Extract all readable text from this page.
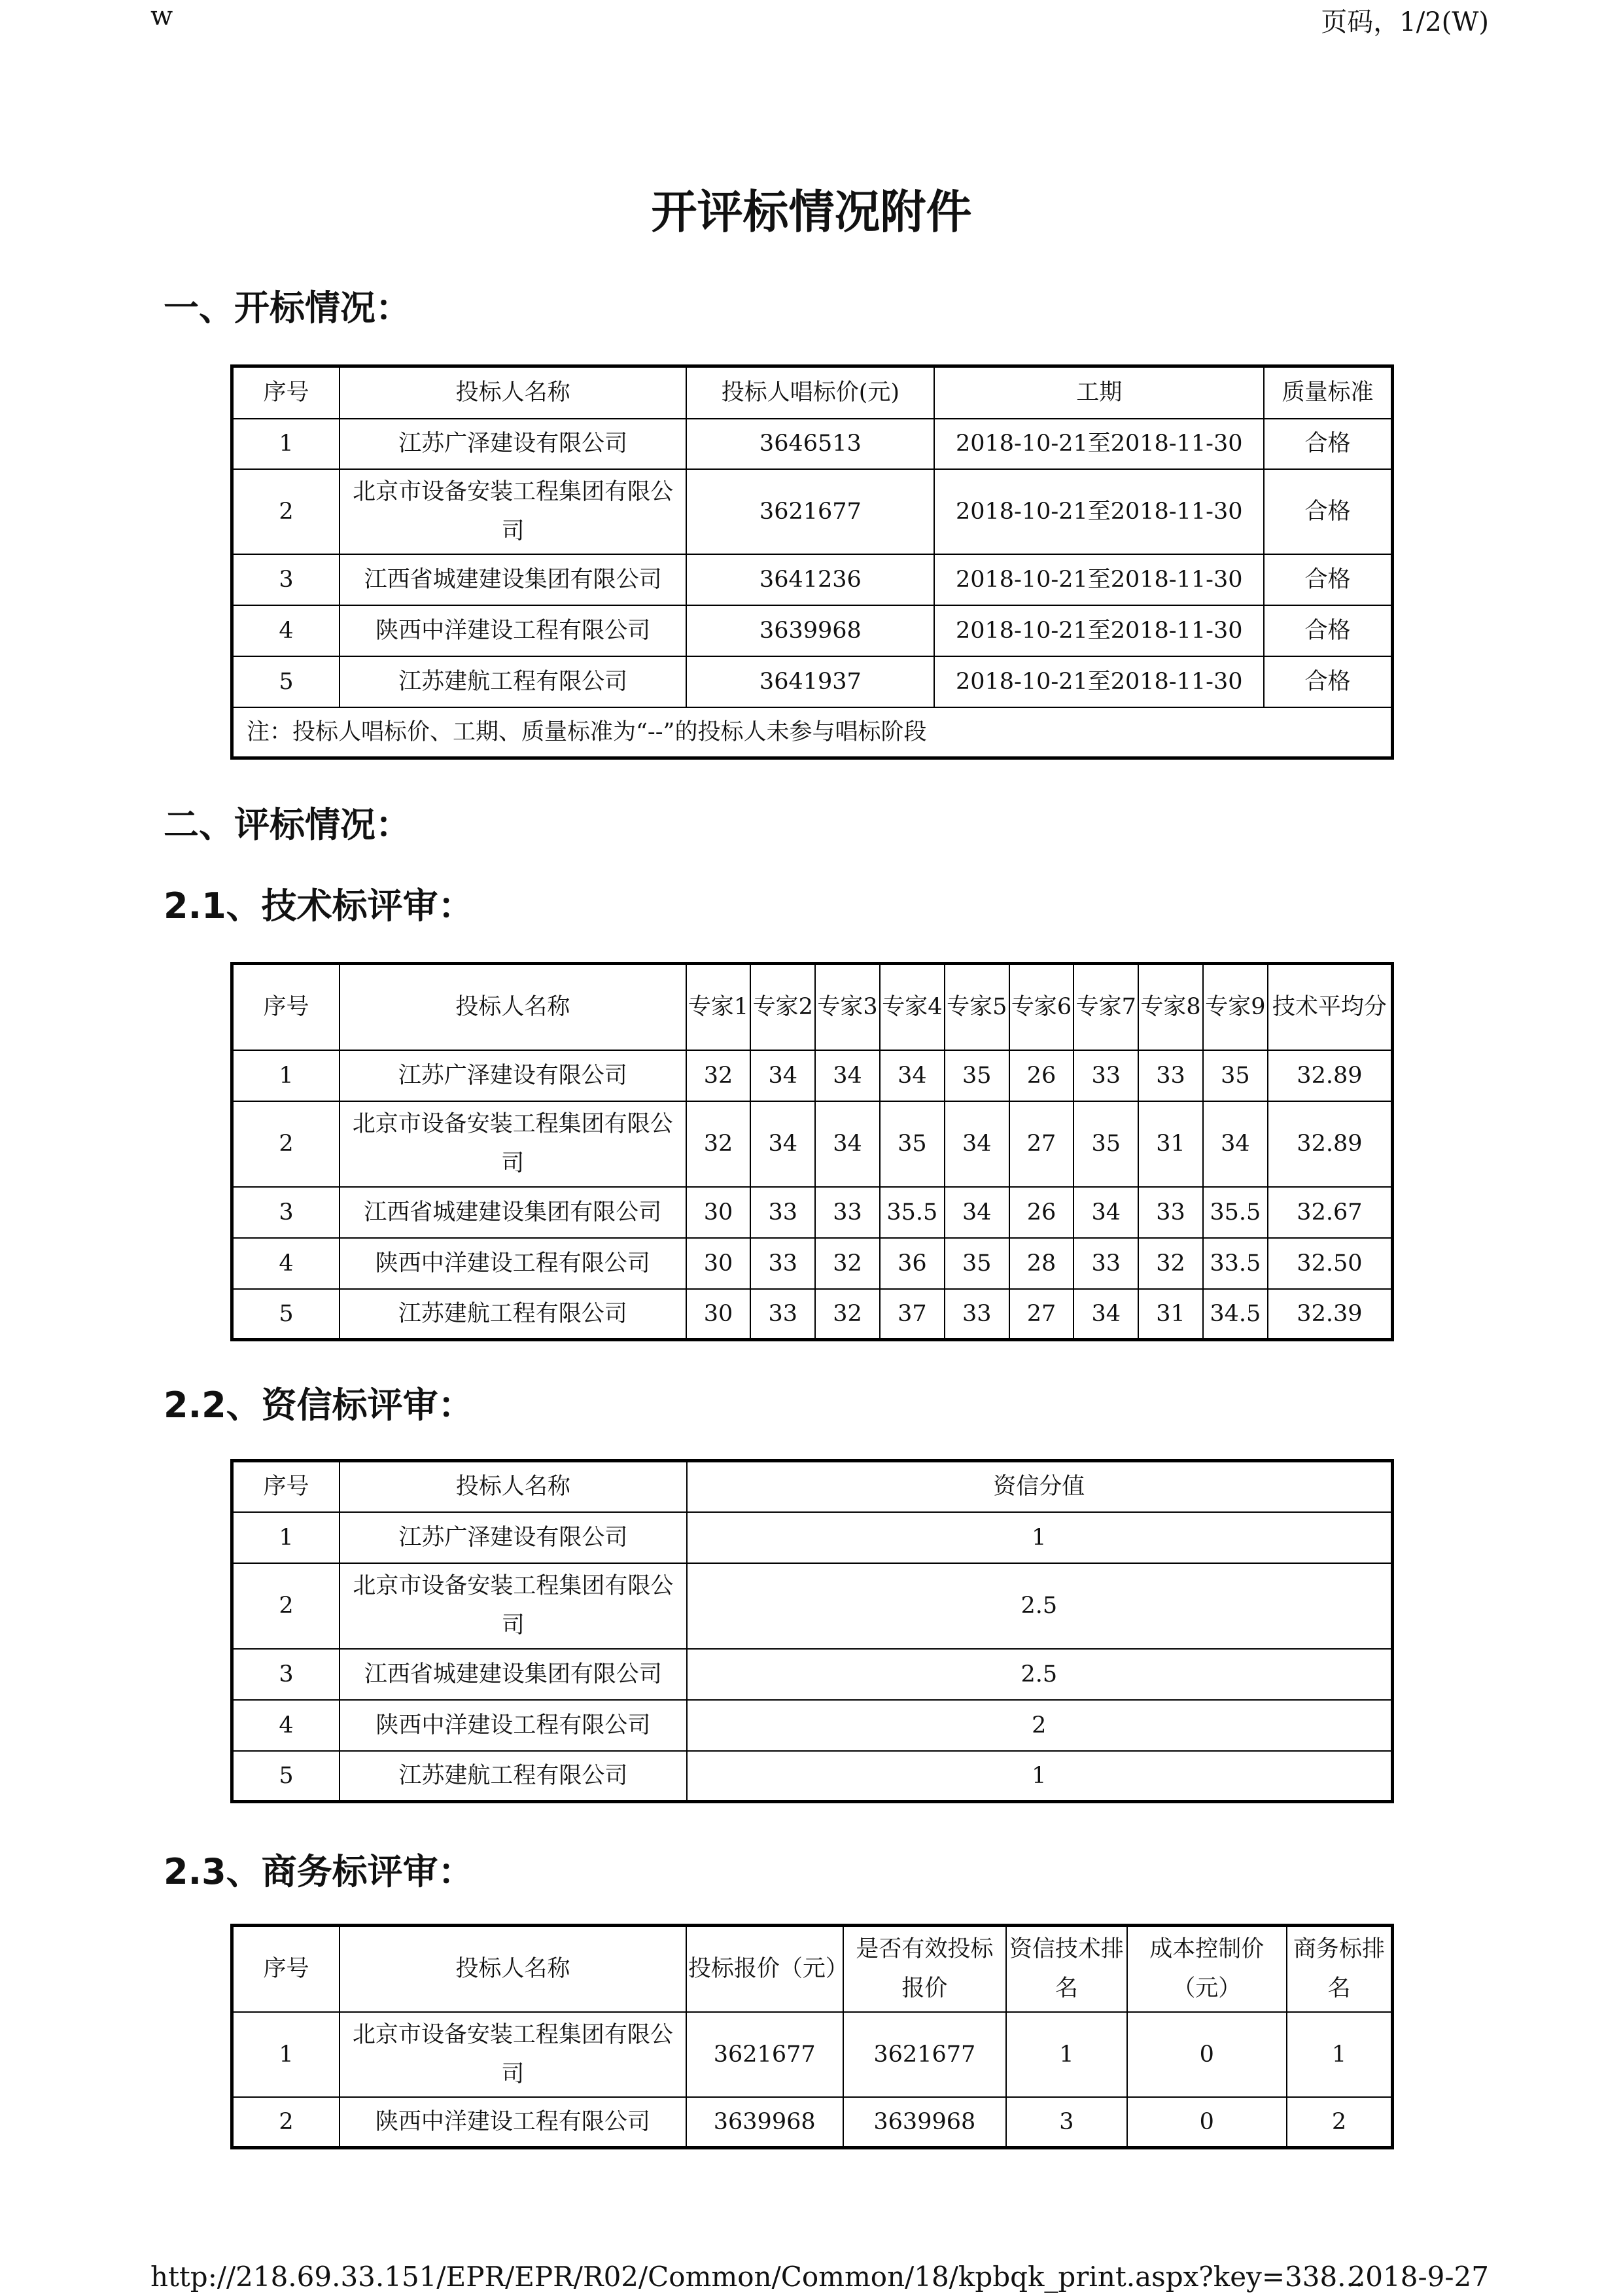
w	页码，1/2(W)
开评标情况附件
一、开标情况：
序号	投标人名称	投标人唱标价(元)	工期	质量标准
1	江苏广泽建设有限公司	3646513	2018-10-21至2018-11-30	合格
2	北京市设备安装工程集团有限公司	3621677	2018-10-21至2018-11-30	合格
3	江西省城建建设集团有限公司	3641236	2018-10-21至2018-11-30	合格
4	陕西中洋建设工程有限公司	3639968	2018-10-21至2018-11-30	合格
5	江苏建航工程有限公司	3641937	2018-10-21至2018-11-30	合格
注：投标人唱标价、工期、质量标准为“--”的投标人未参与唱标阶段				
二、评标情况：
2.1、技术标评审：
序号	投标人名称	专家1	专家2	专家3	专家4	专家5	专家6	专家7	专家8	专家9	技术平均分
1	江苏广泽建设有限公司	32	34	34	34	35	26	33	33	35	32.89
2	北京市设备安装工程集团有限公司	32	34	34	35	34	27	35	31	34	32.89
3	江西省城建建设集团有限公司	30	33	33	35.5	34	26	34	33	35.5	32.67
4	陕西中洋建设工程有限公司	30	33	32	36	35	28	33	32	33.5	32.50
5	江苏建航工程有限公司	30	33	32	37	33	27	34	31	34.5	32.39
2.2、资信标评审：
序号	投标人名称	资信分值
1	江苏广泽建设有限公司	1
2	北京市设备安装工程集团有限公司	2.5
3	江西省城建建设集团有限公司	2.5
4	陕西中洋建设工程有限公司	2
5	江苏建航工程有限公司	1
2.3、商务标评审：
序号	投标人名称	投标报价（元）	是否有效投标报价	资信技术排名	成本控制价（元）	商务标排名
1	北京市设备安装工程集团有限公司	3621677	3621677	1	0	1
2	陕西中洋建设工程有限公司	3639968	3639968	3	0	2
http://218.69.33.151/EPR/EPR/R02/Common/Common/18/kpbqk_print.aspx?key=338...
2018-9-27
